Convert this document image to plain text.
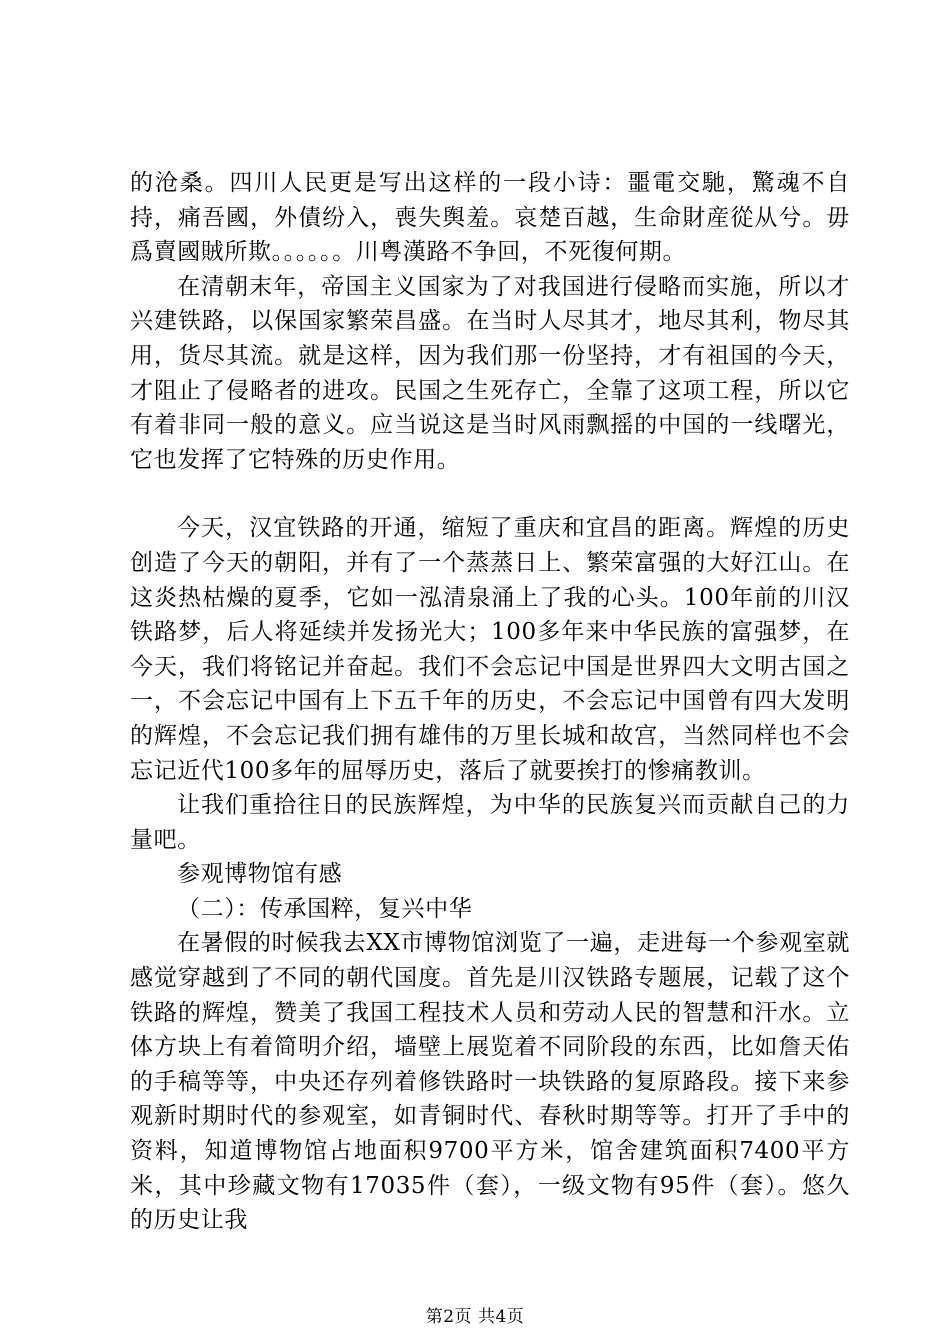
的沧桑。四川人民更是写出这样的一段小诗：噩電交馳，驚魂不自持，痛吾國，外債纷入，喪失舆羞。哀楚百越，生命財産從从兮。毋爲賣國賊所欺。。。。。。川粤漢路不争回，不死復何期。

在清朝末年，帝国主义国家为了对我国进行侵略而实施，所以才兴建铁路，以保国家繁荣昌盛。在当时人尽其才，地尽其利，物尽其用，货尽其流。就是这样，因为我们那一份坚持，才有祖国的今天，才阻止了侵略者的进攻。民国之生死存亡，全靠了这项工程，所以它有着非同一般的意义。应当说这是当时风雨飘摇的中国的一线曙光，它也发挥了它特殊的历史作用。

今天，汉宜铁路的开通，缩短了重庆和宜昌的距离。辉煌的历史创造了今天的朝阳，并有了一个蒸蒸日上、繁荣富强的大好江山。在这炎热枯燥的夏季，它如一泓清泉涌上了我的心头。100年前的川汉铁路梦，后人将延续并发扬光大；100多年来中华民族的富强梦，在今天，我们将铭记并奋起。我们不会忘记中国是世界四大文明古国之一，不会忘记中国有上下五千年的历史，不会忘记中国曾有四大发明的辉煌，不会忘记我们拥有雄伟的万里长城和故宫，当然同样也不会忘记近代100多年的屈辱历史，落后了就要挨打的惨痛教训。

让我们重拾往日的民族辉煌，为中华的民族复兴而贡献自己的力量吧。

参观博物馆有感

（二）：传承国粹，复兴中华

在暑假的时候我去XX市博物馆浏览了一遍，走进每一个参观室就感觉穿越到了不同的朝代国度。首先是川汉铁路专题展，记载了这个铁路的辉煌，赞美了我国工程技术人员和劳动人民的智慧和汗水。立体方块上有着简明介绍，墙壁上展览着不同阶段的东西，比如詹天佑的手稿等等，中央还存列着修铁路时一块铁路的复原路段。接下来参观新时期时代的参观室，如青铜时代、春秋时期等等。打开了手中的资料，知道博物馆占地面积9700平方米，馆舍建筑面积7400平方米，其中珍藏文物有17035件（套），一级文物有95件（套）。悠久的历史让我

第2页 共4页
